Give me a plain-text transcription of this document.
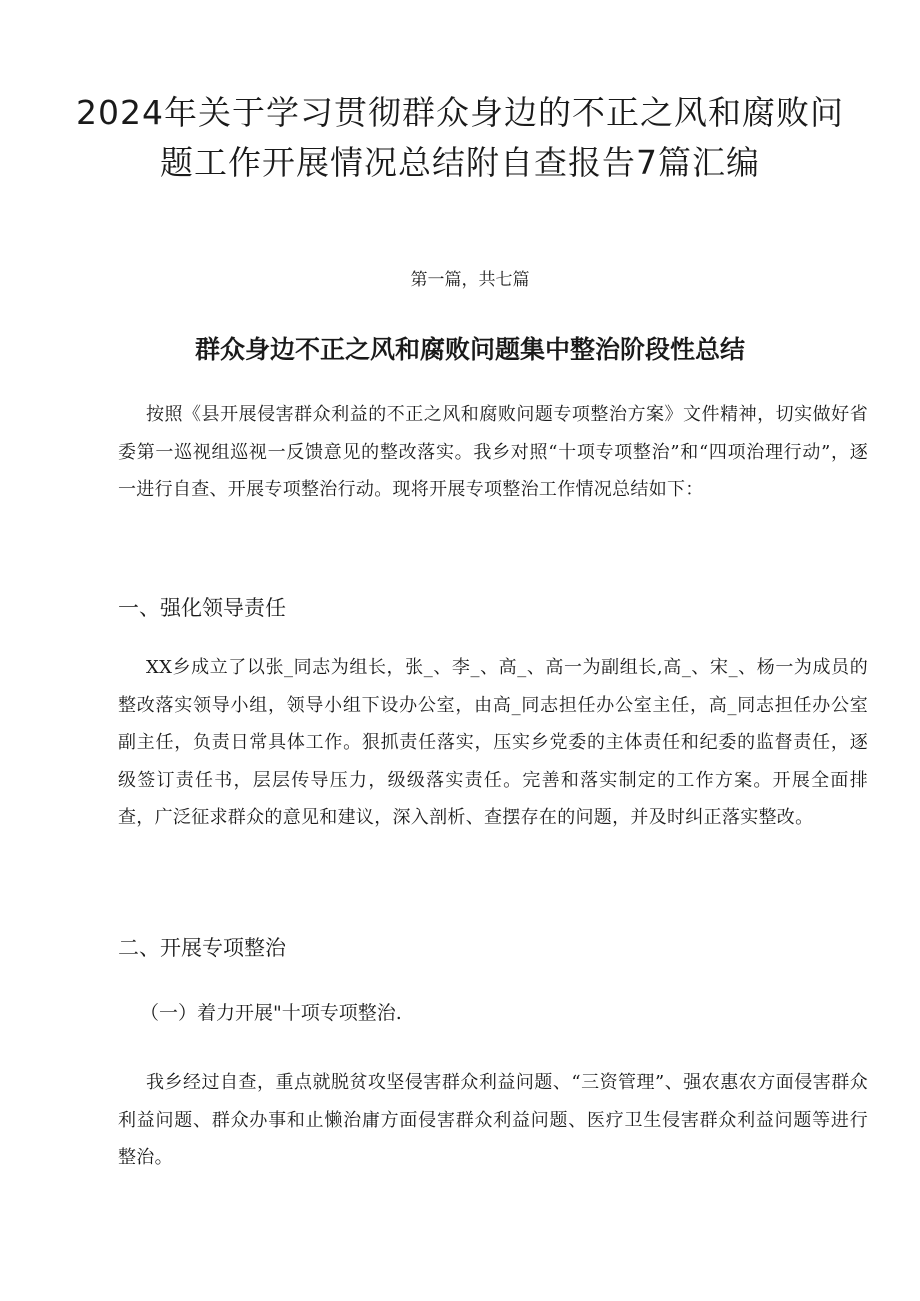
2024年关于学习贯彻群众身边的不正之风和腐败问题工作开展情况总结附自查报告7篇汇编

第一篇，共七篇

群众身边不正之风和腐败问题集中整治阶段性总结

按照《县开展侵害群众利益的不正之风和腐败问题专项整治方案》文件精神，切实做好省委第一巡视组巡视一反馈意见的整改落实。我乡对照“十项专项整治”和“四项治理行动”，逐一进行自查、开展专项整治行动。现将开展专项整治工作情况总结如下：

一、强化领导责任

XX乡成立了以张_同志为组长，张_、李_、高_、高一为副组长,高_、宋_、杨一为成员的整改落实领导小组，领导小组下设办公室，由高_同志担任办公室主任，高_同志担任办公室副主任，负责日常具体工作。狠抓责任落实，压实乡党委的主体责任和纪委的监督责任，逐级签订责任书，层层传导压力，级级落实责任。完善和落实制定的工作方案。开展全面排查，广泛征求群众的意见和建议，深入剖析、查摆存在的问题，并及时纠正落实整改。

二、开展专项整治

（一）着力开展"十项专项整治.

我乡经过自查，重点就脱贫攻坚侵害群众利益问题、“三资管理”、强农惠农方面侵害群众利益问题、群众办事和止懒治庸方面侵害群众利益问题、医疗卫生侵害群众利益问题等进行整治。
